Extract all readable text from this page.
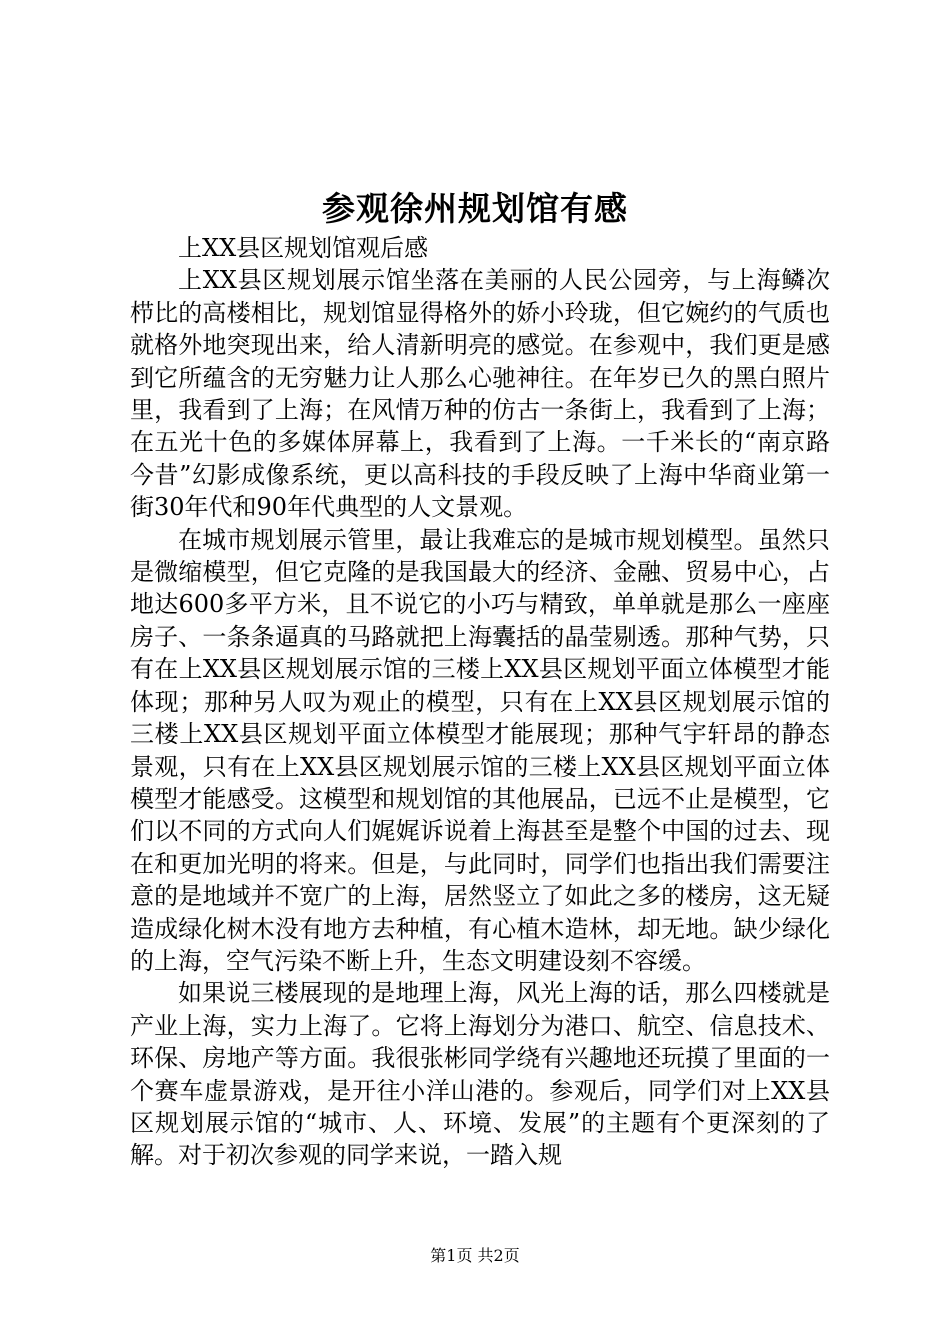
参观徐州规划馆有感

上XX县区规划馆观后感

上XX县区规划展示馆坐落在美丽的人民公园旁，与上海鳞次栉比的高楼相比，规划馆显得格外的娇小玲珑，但它婉约的气质也就格外地突现出来，给人清新明亮的感觉。在参观中，我们更是感到它所蕴含的无穷魅力让人那么心驰神往。在年岁已久的黑白照片里，我看到了上海；在风情万种的仿古一条街上，我看到了上海；在五光十色的多媒体屏幕上，我看到了上海。一千米长的“南京路今昔”幻影成像系统，更以高科技的手段反映了上海中华商业第一街30年代和90年代典型的人文景观。

在城市规划展示管里，最让我难忘的是城市规划模型。虽然只是微缩模型，但它克隆的是我国最大的经济、金融、贸易中心，占地达600多平方米，且不说它的小巧与精致，单单就是那么一座座房子、一条条逼真的马路就把上海囊括的晶莹剔透。那种气势，只有在上XX县区规划展示馆的三楼上XX县区规划平面立体模型才能体现；那种另人叹为观止的模型，只有在上XX县区规划展示馆的三楼上XX县区规划平面立体模型才能展现；那种气宇轩昂的静态景观，只有在上XX县区规划展示馆的三楼上XX县区规划平面立体模型才能感受。这模型和规划馆的其他展品，已远不止是模型，它们以不同的方式向人们娓娓诉说着上海甚至是整个中国的过去、现在和更加光明的将来。但是，与此同时，同学们也指出我们需要注意的是地域并不宽广的上海，居然竖立了如此之多的楼房，这无疑造成绿化树木没有地方去种植，有心植木造林，却无地。缺少绿化的上海，空气污染不断上升，生态文明建设刻不容缓。

如果说三楼展现的是地理上海，风光上海的话，那么四楼就是产业上海，实力上海了。它将上海划分为港口、航空、信息技术、环保、房地产等方面。我很张彬同学绕有兴趣地还玩摸了里面的一个赛车虚景游戏，是开往小洋山港的。参观后，同学们对上XX县区规划展示馆的“城市、人、环境、发展”的主题有个更深刻的了解。对于初次参观的同学来说，一踏入规

第1页 共2页
